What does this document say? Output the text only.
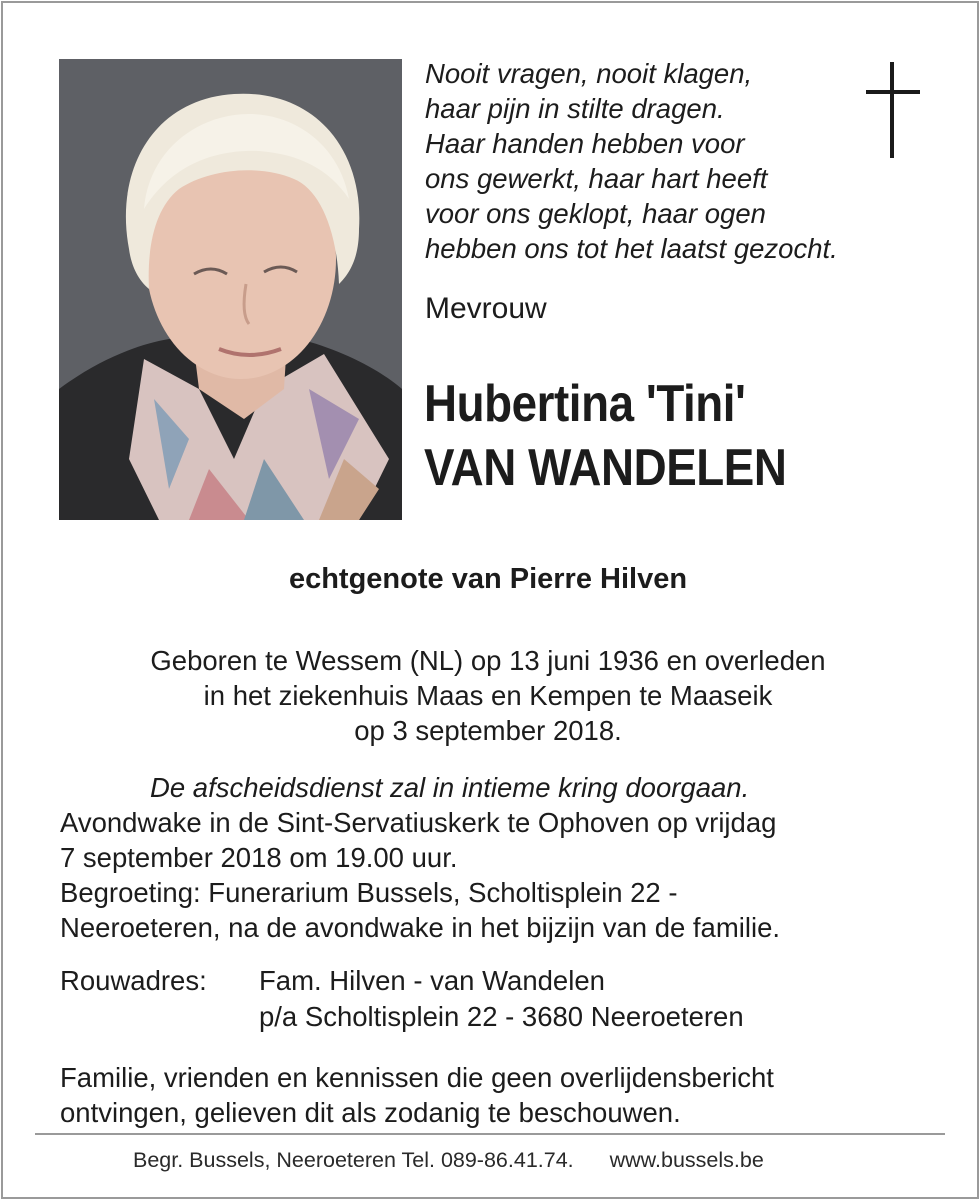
Nooit vragen, nooit klagen,
haar pijn in stilte dragen.
Haar handen hebben voor
ons gewerkt, haar hart heeft
voor ons geklopt, haar ogen
hebben ons tot het laatst gezocht.
Mevrouw
Hubertina 'Tini'
VAN WANDELEN
echtgenote van Pierre Hilven
Geboren te Wessem (NL) op 13 juni 1936 en overleden
in het ziekenhuis Maas en Kempen te Maaseik
op 3 september 2018.
De afscheidsdienst zal in intieme kring doorgaan.
Avondwake in de Sint-Servatiuskerk te Ophoven op vrijdag
7 september 2018 om 19.00 uur.
Begroeting: Funerarium Bussels, Scholtisplein 22 -
Neeroeteren, na de avondwake in het bijzijn van de familie.
Rouwadres: Fam. Hilven - van Wandelen
p/a Scholtisplein 22 - 3680 Neeroeteren
Familie, vrienden en kennissen die geen overlijdensbericht
ontvingen, gelieven dit als zodanig te beschouwen.
Begr. Bussels, Neeroeteren Tel. 089-86.41.74. www.bussels.be
